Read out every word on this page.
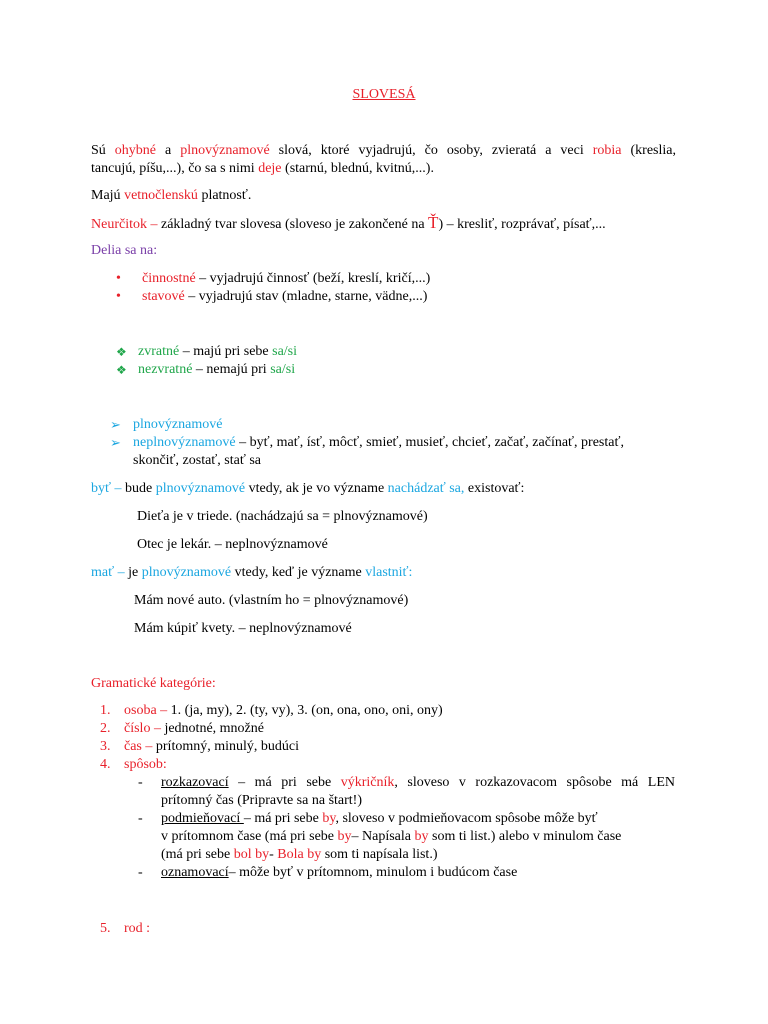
SLOVESÁ
Sú ohybné a plnovýznamové slová, ktoré vyjadrujú, čo osoby, zvieratá a veci robia (kreslia,
tancujú, píšu,...), čo sa s nimi deje (starnú, blednú, kvitnú,...).
Majú vetnočlenskú platnosť.
Neurčitok – základný tvar slovesa (sloveso je zakončené na Ť) – kresliť, rozprávať, písať,...
Delia sa na:
• činnostné – vyjadrujú činnosť (beží, kreslí, kričí,...)
• stavové – vyjadrujú stav (mladne, starne, vädne,...)
❖ zvratné – majú pri sebe sa/si
❖ nezvratné – nemajú pri sa/si
➢ plnovýznamové
➢ neplnovýznamové – byť, mať, ísť, môcť, smieť, musieť, chcieť, začať, začínať, prestať,
skončiť, zostať, stať sa
byť – bude plnovýznamové vtedy, ak je vo význame nachádzať sa, existovať:
Dieťa je v triede. (nachádzajú sa = plnovýznamové)
Otec je lekár. – neplnovýznamové
mať – je plnovýznamové vtedy, keď je význame vlastniť:
Mám nové auto. (vlastním ho = plnovýznamové)
Mám kúpiť kvety. – neplnovýznamové
Gramatické kategórie:
1. osoba – 1. (ja, my), 2. (ty, vy), 3. (on, ona, ono, oni, ony)
2. číslo – jednotné, množné
3. čas – prítomný, minulý, budúci
4. spôsob:
- rozkazovací – má pri sebe výkričník, sloveso v rozkazovacom spôsobe má LEN
prítomný čas (Pripravte sa na štart!)
- podmieňovací – má pri sebe by, sloveso v podmieňovacom spôsobe môže byť
v prítomnom čase (má pri sebe by– Napísala by som ti list.) alebo v minulom čase
(má pri sebe bol by- Bola by som ti napísala list.)
- oznamovací– môže byť v prítomnom, minulom i budúcom čase
5. rod :
